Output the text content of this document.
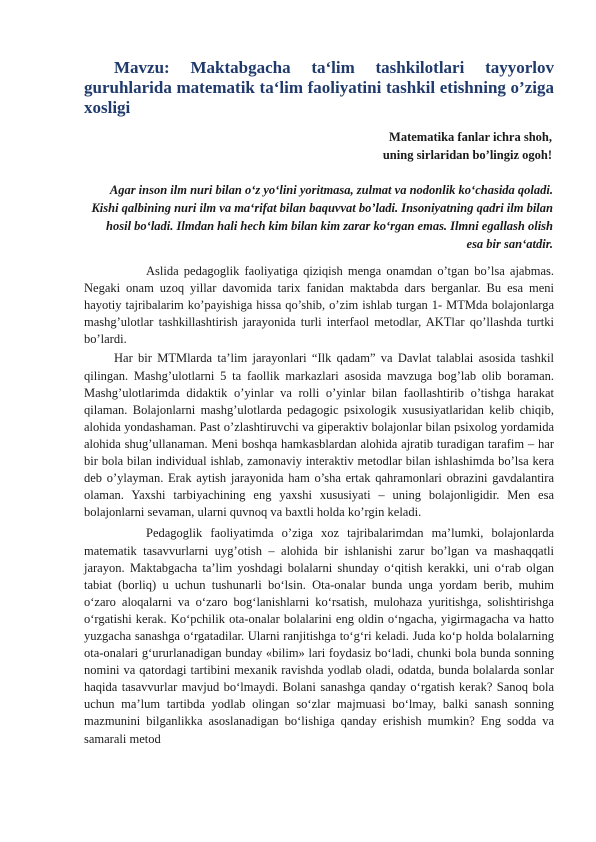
Mavzu: Maktabgacha ta‘lim tashkilotlari tayyorlov guruhlarida matematik ta‘lim faoliyatini tashkil etishning o’ziga xosligi

Matematika fanlar ichra shoh,

uning sirlaridan bo’lingiz ogoh!

Agar inson ilm nuri bilan o‘z yo‘lini yoritmasa, zulmat va nodonlik ko‘chasida qoladi. Kishi qalbining nuri ilm va ma‘rifat bilan baquvvat bo’ladi. Insoniyatning qadri ilm bilan hosil bo‘ladi. Ilmdan hali hech kim bilan kim zarar ko‘rgan emas. Ilmni egallash olish esa bir san‘atdir.

Aslida pedagoglik faoliyatiga qiziqish menga onamdan o’tgan bo’lsa ajabmas. Negaki onam uzoq yillar davomida tarix fanidan maktabda dars berganlar. Bu esa meni hayotiy tajribalarim ko’payishiga hissa qo’shib, o’zim ishlab turgan 1- MTMda bolajonlarga mashg’ulotlar tashkillashtirish jarayonida turli interfaol metodlar, AKTlar qo’llashda turtki bo’lardi.

Har bir MTMlarda ta’lim jarayonlari “Ilk qadam” va Davlat talablai asosida tashkil qilingan. Mashg’ulotlarni 5 ta faollik markazlari asosida mavzuga bog’lab olib boraman. Mashg’ulotlarimda didaktik o’yinlar va rolli o’yinlar bilan faollashtirib o’tishga harakat qilaman. Bolajonlarni mashg’ulotlarda pedagogic psixologik xususiyatlaridan kelib chiqib, alohida yondashaman. Past o’zlashtiruvchi va giperaktiv bolajonlar bilan psixolog yordamida alohida shug’ullanaman. Meni boshqa hamkasblardan alohida ajratib turadigan tarafim – har bir bola bilan individual ishlab, zamonaviy interaktiv metodlar bilan ishlashimda bo’lsa kera deb o’ylayman. Erak aytish jarayonida ham o’sha ertak qahramonlari obrazini gavdalantira olaman. Yaxshi tarbiyachining eng yaxshi xususiyati – uning bolajonligidir. Men esa bolajonlarni sevaman, ularni quvnoq va baxtli holda ko’rgin keladi.

Pedagoglik faoliyatimda o’ziga xoz tajribalarimdan ma’lumki, bolajonlarda matematik tasavvurlarni uyg’otish – alohida bir ishlanishi zarur bo’lgan va mashaqqatli jarayon. Maktabgacha ta’lim yoshdagi bolalarni shunday o‘qitish kerakki, uni o‘rab olgan tabiat (borliq) u uchun tushunarli bo‘lsin. Ota-onalar bunda unga yordam berib, muhim o‘zaro aloqalarni va o‘zaro bog‘lanishlarni ko‘rsatish, mulohaza yuritishga, solishtirishga o‘rgatishi kerak. Ko‘pchilik ota-onalar bolalarini eng oldin o‘ngacha, yigirmagacha va hatto yuzgacha sanashga o‘rgatadilar. Ularni ranjitishga to‘g‘ri keladi. Juda ko‘p holda bolalarning ota-onalari g‘ururlanadigan bunday «bilim» lari foydasiz bo‘ladi, chunki bola bunda sonning nomini va qatordagi tartibini mexanik ravishda yodlab oladi, odatda, bunda bolalarda sonlar haqida tasavvurlar mavjud bo‘lmaydi. Bolani sanashga qanday o‘rgatish kerak? Sanoq bola uchun ma’lum tartibda yodlab olingan so‘zlar majmuasi bo‘lmay, balki sanash sonning mazmunini bilganlikka asoslanadigan bo‘lishiga qanday erishish mumkin? Eng sodda va samarali metod
